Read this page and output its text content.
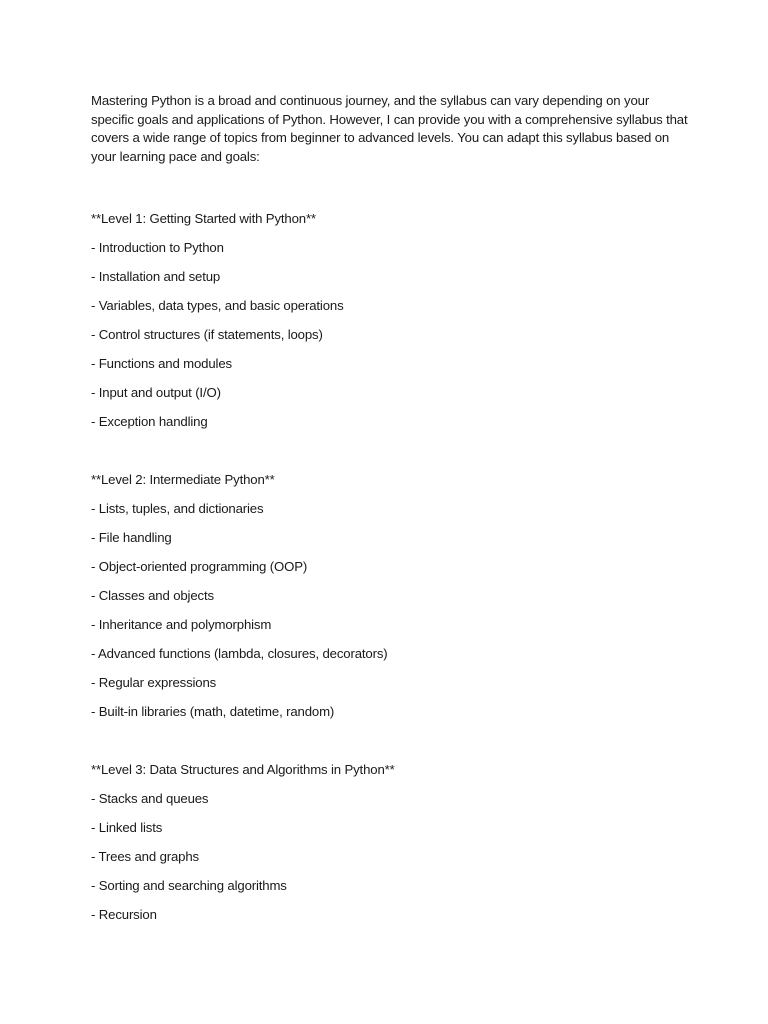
Mastering Python is a broad and continuous journey, and the syllabus can vary depending on your specific goals and applications of Python. However, I can provide you with a comprehensive syllabus that covers a wide range of topics from beginner to advanced levels. You can adapt this syllabus based on your learning pace and goals:

**Level 1: Getting Started with Python**

- Introduction to Python

- Installation and setup

- Variables, data types, and basic operations

- Control structures (if statements, loops)

- Functions and modules

- Input and output (I/O)

- Exception handling

**Level 2: Intermediate Python**

- Lists, tuples, and dictionaries

- File handling

- Object-oriented programming (OOP)

- Classes and objects

- Inheritance and polymorphism

- Advanced functions (lambda, closures, decorators)

- Regular expressions

- Built-in libraries (math, datetime, random)

**Level 3: Data Structures and Algorithms in Python**

- Stacks and queues

- Linked lists

- Trees and graphs

- Sorting and searching algorithms

- Recursion
